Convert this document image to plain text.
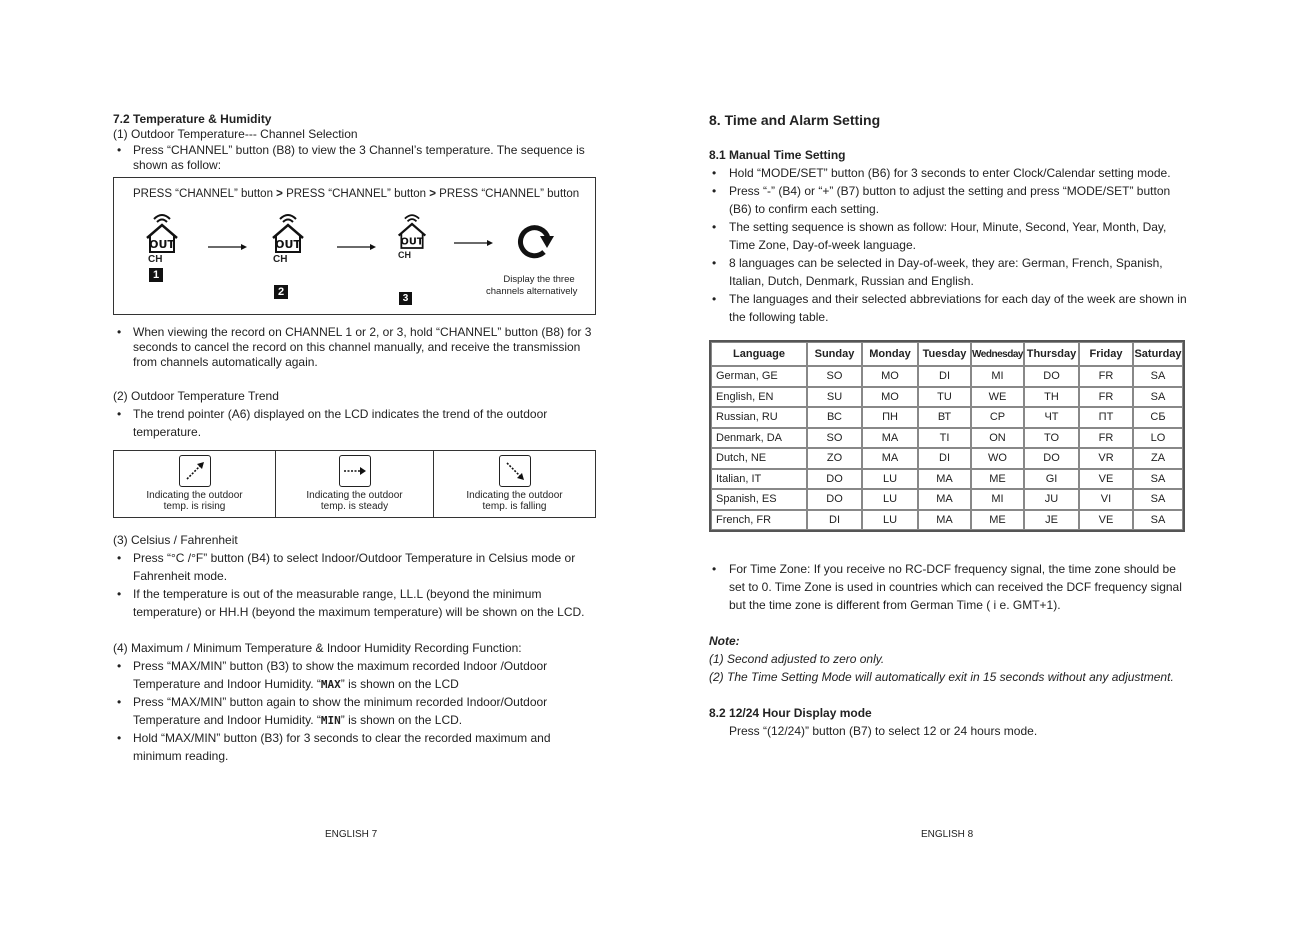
7.2 Temperature & Humidity
(1) Outdoor Temperature--- Channel Selection
• Press “CHANNEL” button (B8) to view the 3 Channel’s temperature. The sequence is
shown as follow:
PRESS “CHANNEL” button > PRESS “CHANNEL” button > PRESS “CHANNEL” button
OUT
CH
1
OUT
CH
2
OUT
CH
3
Display the three
channels alternatively
• When viewing the record on CHANNEL 1 or 2, or 3, hold “CHANNEL” button (B8) for 3
seconds to cancel the record on this channel manually, and receive the transmission
from channels automatically again.
(2) Outdoor Temperature Trend
• The trend pointer (A6) displayed on the LCD indicates the trend of the outdoor
temperature.
Indicating the outdoor
temp. is rising
Indicating the outdoor
temp. is steady
Indicating the outdoor
temp. is falling
(3) Celsius / Fahrenheit
• Press “°C /°F” button (B4) to select Indoor/Outdoor Temperature in Celsius mode or
Fahrenheit mode.
• If the temperature is out of the measurable range, LL.L (beyond the minimum
temperature) or HH.H (beyond the maximum temperature) will be shown on the LCD.
(4) Maximum / Minimum Temperature & Indoor Humidity Recording Function:
• Press “MAX/MIN” button (B3) to show the maximum recorded Indoor /Outdoor
Temperature and Indoor Humidity. “MAX” is shown on the LCD
• Press “MAX/MIN” button again to show the minimum recorded Indoor/Outdoor
Temperature and Indoor Humidity. “MIN” is shown on the LCD.
• Hold “MAX/MIN” button (B3) for 3 seconds to clear the recorded maximum and
minimum reading.
ENGLISH 7
8. Time and Alarm Setting
8.1 Manual Time Setting
• Hold “MODE/SET” button (B6) for 3 seconds to enter Clock/Calendar setting mode.
• Press “-” (B4) or “+” (B7) button to adjust the setting and press “MODE/SET” button
(B6) to confirm each setting.
• The setting sequence is shown as follow: Hour, Minute, Second, Year, Month, Day,
Time Zone, Day-of-week language.
• 8 languages can be selected in Day-of-week, they are: German, French, Spanish,
Italian, Dutch, Denmark, Russian and English.
• The languages and their selected abbreviations for each day of the week are shown in
the following table.
Language	Sunday	Monday	Tuesday	Wednesday	Thursday	Friday	Saturday
German, GE	SO	MO	DI	MI	DO	FR	SA
English, EN	SU	MO	TU	WE	TH	FR	SA
Russian, RU	ВС	ПН	ВТ	СР	ЧТ	ПТ	СБ
Denmark, DA	SO	MA	TI	ON	TO	FR	LO
Dutch, NE	ZO	MA	DI	WO	DO	VR	ZA
Italian, IT	DO	LU	MA	ME	GI	VE	SA
Spanish, ES	DO	LU	MA	MI	JU	VI	SA
French, FR	DI	LU	MA	ME	JE	VE	SA
• For Time Zone: If you receive no RC-DCF frequency signal, the time zone should be
set to 0. Time Zone is used in countries which can received the DCF frequency signal
but the time zone is different from German Time ( i e. GMT+1).
Note:
(1) Second adjusted to zero only.
(2) The Time Setting Mode will automatically exit in 15 seconds without any adjustment.
8.2 12/24 Hour Display mode
Press “(12/24)” button (B7) to select 12 or 24 hours mode.
ENGLISH 8
